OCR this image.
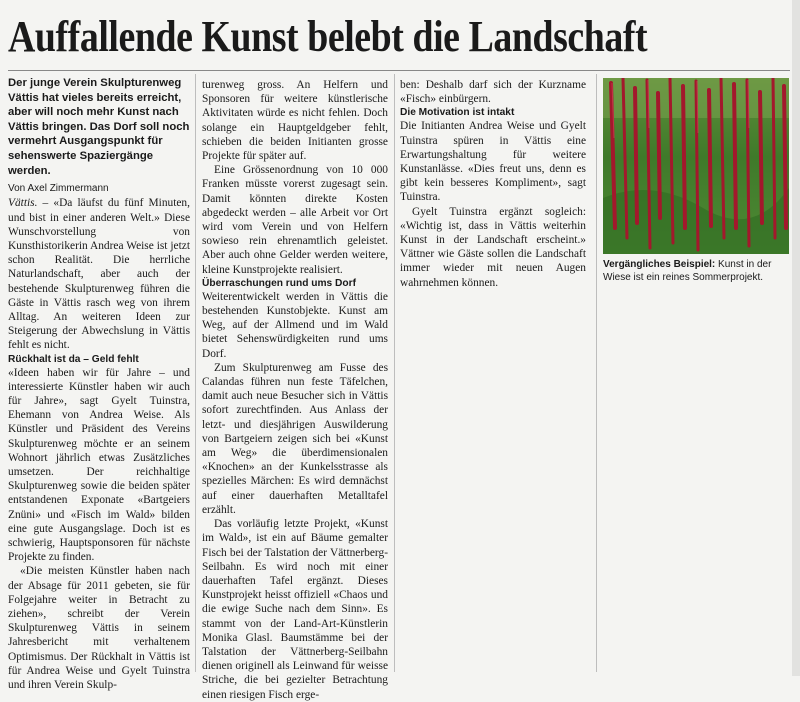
Auffallende Kunst belebt die Landschaft

Der junge Verein Skulpturenweg Vättis hat vieles bereits erreicht, aber will noch mehr Kunst nach Vättis bringen. Das Dorf soll noch vermehrt Ausgangspunkt für sehenswerte Spaziergänge werden.

Von Axel Zimmermann

Vättis. – «Da läufst du fünf Minuten, und bist in einer anderen Welt.» Diese Wunschvorstellung von Kunsthistorikerin Andrea Weise ist jetzt schon Realität. Die herrliche Naturlandschaft, aber auch der bestehende Skulpturenweg führen die Gäste in Vättis rasch weg von ihrem Alltag. An weiteren Ideen zur Steigerung der Abwechslung in Vättis fehlt es nicht.

Rückhalt ist da – Geld fehlt

«Ideen haben wir für Jahre – und interessierte Künstler haben wir auch für Jahre», sagt Gyelt Tuinstra, Ehemann von Andrea Weise. Als Künstler und Präsident des Vereins Skulpturenweg möchte er an seinem Wohnort jährlich etwas Zusätzliches umsetzen. Der reichhaltige Skulpturenweg sowie die beiden später entstandenen Exponate «Bartgeiers Znüni» und «Fisch im Wald» bilden eine gute Ausgangslage. Doch ist es schwierig, Hauptsponsoren für nächste Projekte zu finden.

«Die meisten Künstler haben nach der Absage für 2011 gebeten, sie für Folgejahre weiter in Betracht zu ziehen», schreibt der Verein Skulpturenweg Vättis in seinem Jahresbericht mit verhaltenem Optimismus. Der Rückhalt in Vättis ist für Andrea Weise und Gyelt Tuinstra und ihren Verein Skulp-

turenweg gross. An Helfern und Sponsoren für weitere künstlerische Aktivitaten würde es nicht fehlen. Doch solange ein Hauptgeldgeber fehlt, schieben die beiden Initianten grosse Projekte für später auf.

Eine Grössenordnung von 10 000 Franken müsste vorerst zugesagt sein. Damit könnten direkte Kosten abgedeckt werden – alle Arbeit vor Ort wird vom Verein und von Helfern sowieso rein ehrenamtlich geleistet. Aber auch ohne Gelder werden weitere, kleine Kunstprojekte realisiert.

Überraschungen rund ums Dorf

Weiterentwickelt werden in Vättis die bestehenden Kunstobjekte. Kunst am Weg, auf der Allmend und im Wald bietet Sehenswürdigkeiten rund ums Dorf.

Zum Skulpturenweg am Fusse des Calandas führen nun feste Täfelchen, damit auch neue Besucher sich in Vättis sofort zurechtfinden. Aus Anlass der letzt- und diesjährigen Auswilderung von Bartgeiern zeigen sich bei «Kunst am Weg» die überdimensionalen «Knochen» an der Kunkelsstrasse als spezielles Märchen: Es wird demnächst auf einer dauerhaften Metalltafel erzählt.

Das vorläufig letzte Projekt, «Kunst im Wald», ist ein auf Bäume gemalter Fisch bei der Talstation der Vättnerberg-Seilbahn. Es wird noch mit einer dauerhaften Tafel ergänzt. Dieses Kunstprojekt heisst offiziell «Chaos und die ewige Suche nach dem Sinn». Es stammt von der Land-Art-Künstlerin Monika Glasl. Baumstämme bei der Talstation der Vättnerberg-Seilbahn dienen originell als Leinwand für weisse Striche, die bei gezielter Betrachtung einen riesigen Fisch erge-

ben: Deshalb darf sich der Kurzname «Fisch» einbürgern.

Die Motivation ist intakt

Die Initianten Andrea Weise und Gyelt Tuinstra spüren in Vättis eine Erwartungshaltung für weitere Kunstanlässe. «Dies freut uns, denn es gibt kein besseres Kompliment», sagt Tuinstra.

Gyelt Tuinstra ergänzt sogleich: «Wichtig ist, dass in Vättis weiterhin Kunst in der Landschaft erscheint.» Vättner wie Gäste sollen die Landschaft immer wieder mit neuen Augen wahrnehmen können.

Vergängliches Beispiel: Kunst in der Wiese ist ein reines Sommerprojekt.
